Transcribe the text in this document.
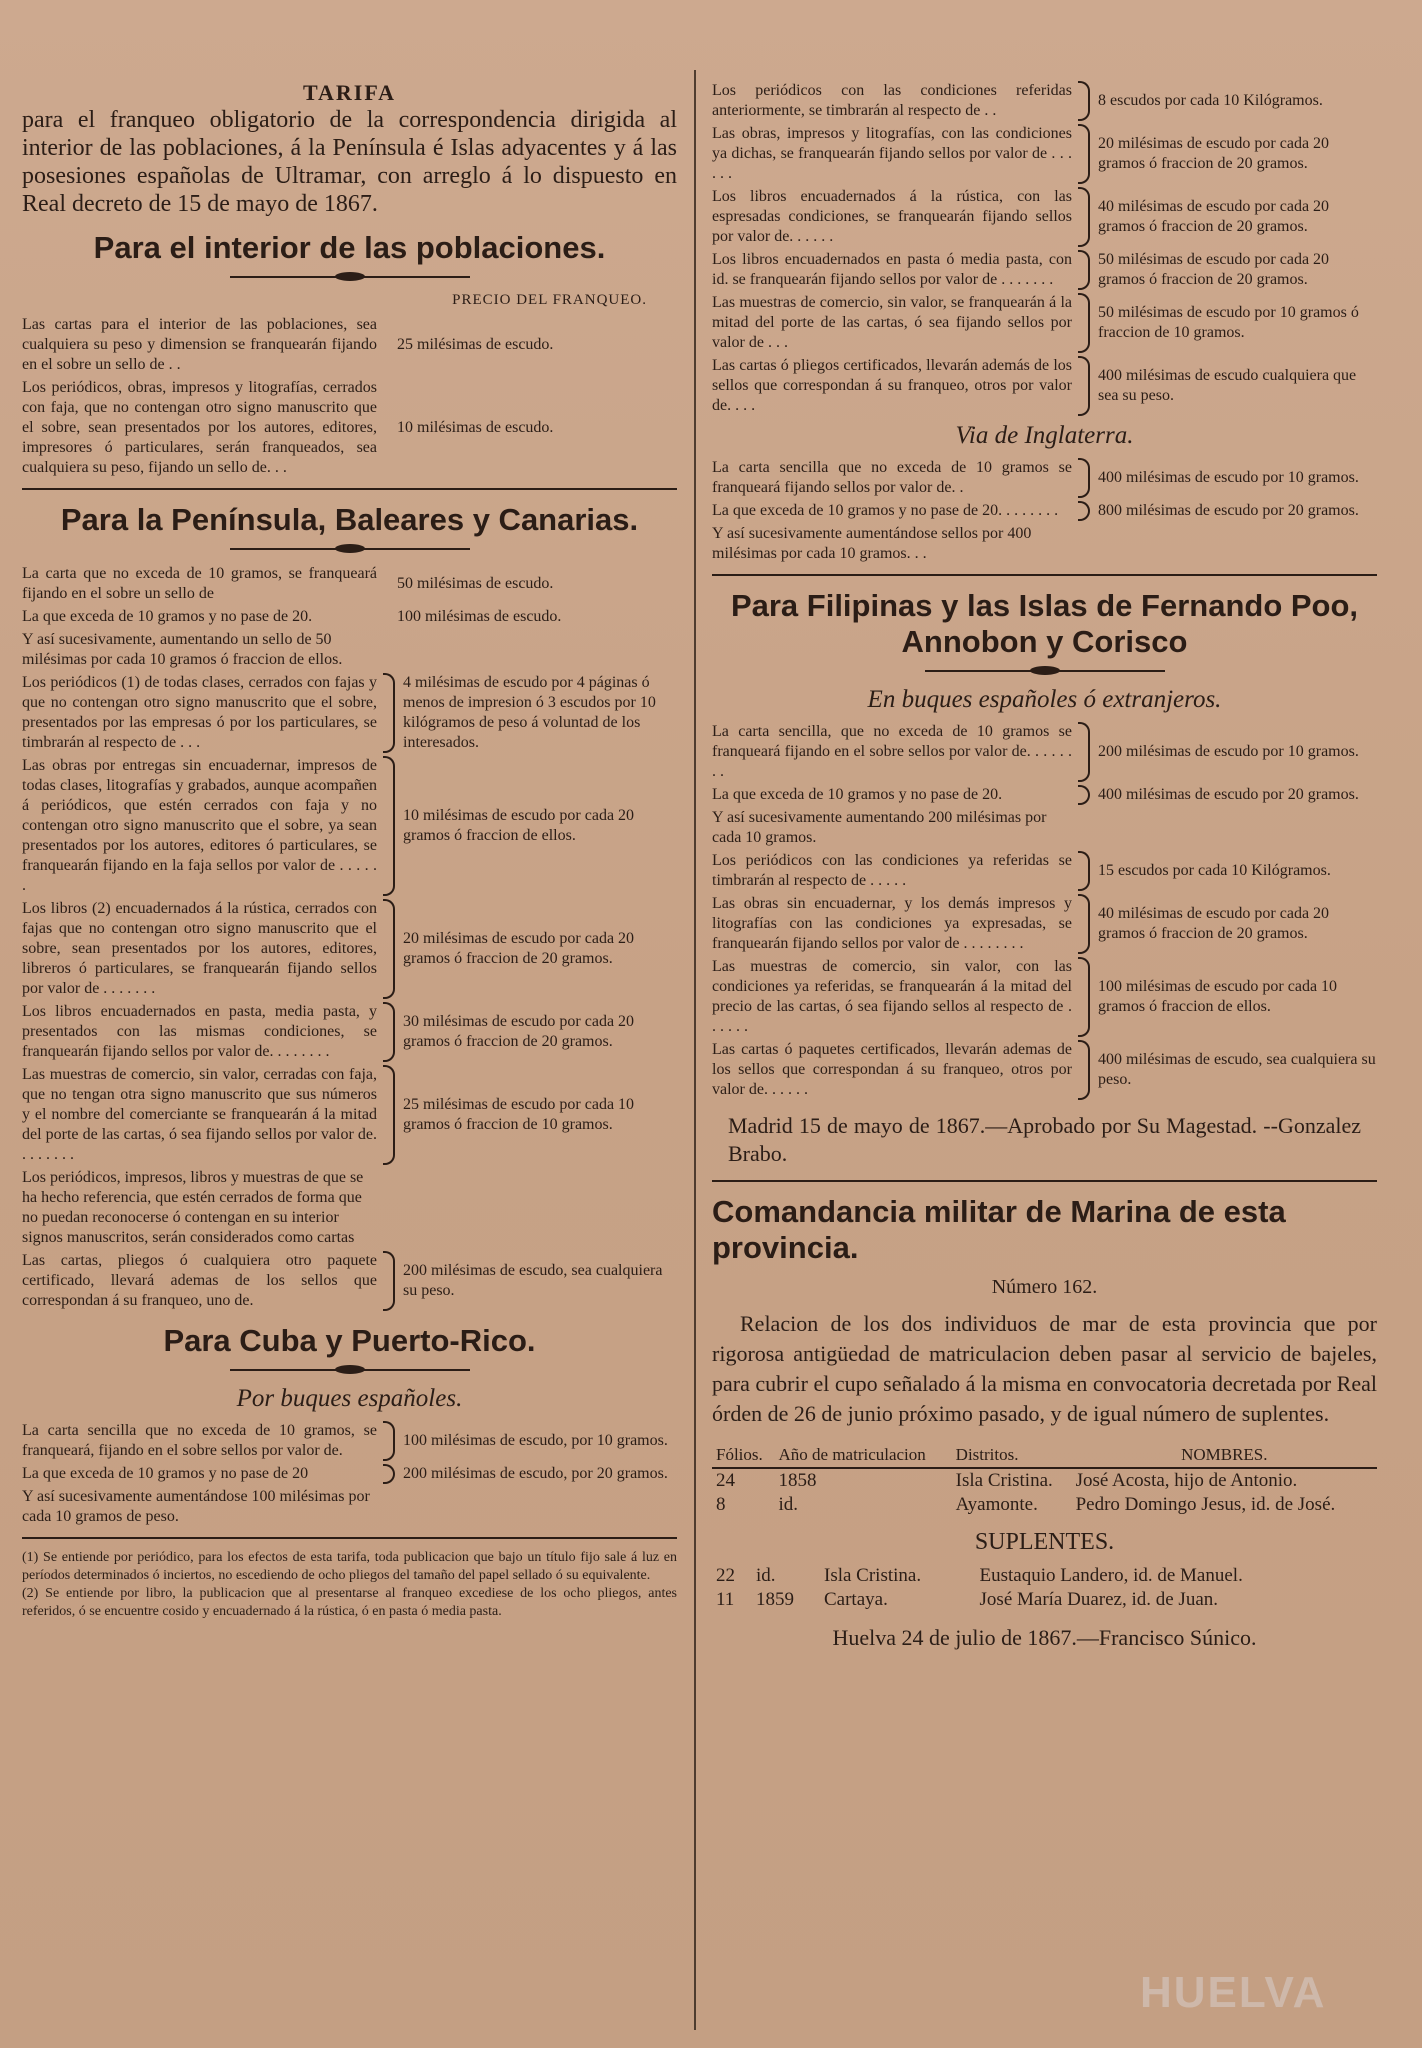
TARIFA

para el franqueo obligatorio de la correspondencia dirigida al interior de las poblaciones, á la Península é Islas adyacentes y á las posesiones españolas de Ultramar, con arreglo á lo dispuesto en Real decreto de 15 de mayo de 1867.

Para el interior de las poblaciones.
PRECIO DEL FRANQUEO.
Las cartas para el interior de las poblaciones, sea cualquiera su peso y dimension se franquearán fijando en el sobre un sello de . .
25 milésimas de escudo.
Los periódicos, obras, impresos y litografías, cerrados con faja, que no contengan otro signo manuscrito que el sobre, sean presentados por los autores, editores, impresores ó particulares, serán franqueados, sea cualquiera su peso, fijando un sello de. . .
10 milésimas de escudo.
Para la Península, Baleares y Canarias.
La carta que no exceda de 10 gramos, se franqueará fijando en el sobre un sello de
50 milésimas de escudo.
La que exceda de 10 gramos y no pase de 20.	100 milésimas de escudo.
Y así sucesivamente, aumentando un sello de 50 milésimas por cada 10 gramos ó fraccion de ellos.
Los periódicos (1) de todas clases, cerrados con fajas y que no contengan otro signo manuscrito que el sobre, presentados por las empresas ó por los particulares, se timbrarán al respecto de . . .
4 milésimas de escudo por 4 páginas ó menos de impresion ó 3 escudos por 10 kilógramos de peso á voluntad de los interesados.
Las obras por entregas sin encuadernar, impresos de todas clases, litografías y grabados, aunque acompañen á periódicos, que estén cerrados con faja y no contengan otro signo manuscrito que el sobre, ya sean presentados por los autores, editores ó particulares, se franquearán fijando en la faja sellos por valor de . . . . . .
10 milésimas de escudo por cada 20 gramos ó fraccion de ellos.
Los libros (2) encuadernados á la rústica, cerrados con fajas que no contengan otro signo manuscrito que el sobre, sean presentados por los autores, editores, libreros ó particulares, se franquearán fijando sellos por valor de . . . . . . .
20 milésimas de escudo por cada 20 gramos ó fraccion de 20 gramos.
Los libros encuadernados en pasta, media pasta, y presentados con las mismas condiciones, se franquearán fijando sellos por valor de. . . . . . . .
30 milésimas de escudo por cada 20 gramos ó fraccion de 20 gramos.
Las muestras de comercio, sin valor, cerradas con faja, que no tengan otra signo manuscrito que sus números y el nombre del comerciante se franquearán á la mitad del porte de las cartas, ó sea fijando sellos por valor de. . . . . . . .
25 milésimas de escudo por cada 10 gramos ó fraccion de 10 gramos.
Los periódicos, impresos, libros y muestras de que se ha hecho referencia, que estén cerrados de forma que no puedan reconocerse ó contengan en su interior signos manuscritos, serán considerados como cartas
Las cartas, pliegos ó cualquiera otro paquete certificado, llevará ademas de los sellos que correspondan á su franqueo, uno de.
200 milésimas de escudo, sea cualquiera su peso.
Para Cuba y Puerto-Rico.
Por buques españoles.
La carta sencilla que no exceda de 10 gramos, se franqueará, fijando en el sobre sellos por valor de.
100 milésimas de escudo, por 10 gramos.
La que exceda de 10 gramos y no pase de 20	200 milésimas de escudo, por 20 gramos.
Y así sucesivamente aumentándose 100 milésimas por cada 10 gramos de peso.
(1) Se entiende por periódico, para los efectos de esta tarifa, toda publicacion que bajo un título fijo sale á luz en períodos determinados ó inciertos, no escediendo de ocho pliegos del tamaño del papel sellado ó su equivalente.
(2) Se entiende por libro, la publicacion que al presentarse al franqueo excediese de los ocho pliegos, antes referidos, ó se encuentre cosido y encuadernado á la rústica, ó en pasta ó media pasta.
Los periódicos con las condiciones referidas anteriormente, se timbrarán al respecto de . .
8 escudos por cada 10 Kilógramos.
Las obras, impresos y litografías, con las condiciones ya dichas, se franquearán fijando sellos por valor de . . . . . .
20 milésimas de escudo por cada 20 gramos ó fraccion de 20 gramos.
Los libros encuadernados á la rústica, con las espresadas condiciones, se franquearán fijando sellos por valor de. . . . . .
40 milésimas de escudo por cada 20 gramos ó fraccion de 20 gramos.
Los libros encuadernados en pasta ó media pasta, con id. se franquearán fijando sellos por valor de . . . . . . .
50 milésimas de escudo por cada 20 gramos ó fraccion de 20 gramos.
Las muestras de comercio, sin valor, se franquearán á la mitad del porte de las cartas, ó sea fijando sellos por valor de . . .
50 milésimas de escudo por 10 gramos ó fraccion de 10 gramos.
Las cartas ó pliegos certificados, llevarán además de los sellos que correspondan á su franqueo, otros por valor de. . . .
400 milésimas de escudo cualquiera que sea su peso.
Via de Inglaterra.
La carta sencilla que no exceda de 10 gramos se franqueará fijando sellos por valor de. .
400 milésimas de escudo por 10 gramos.
La que exceda de 10 gramos y no pase de 20. . . . . . . .	800 milésimas de escudo por 20 gramos.
Y así sucesivamente aumentándose sellos por 400 milésimas por cada 10 gramos. . .
Para Filipinas y las Islas de Fernando Poo, Annobon y Corisco
En buques españoles ó extranjeros.
La carta sencilla, que no exceda de 10 gramos se franqueará fijando en el sobre sellos por valor de. . . . . . . .
200 milésimas de escudo por 10 gramos.
La que exceda de 10 gramos y no pase de 20.	400 milésimas de escudo por 20 gramos.
Y así sucesivamente aumentando 200 milésimas por cada 10 gramos.
Los periódicos con las condiciones ya referidas se timbrarán al respecto de . . . . .
15 escudos por cada 10 Kilógramos.
Las obras sin encuadernar, y los demás impresos y litografías con las condiciones ya expresadas, se franquearán fijando sellos por valor de . . . . . . . .
40 milésimas de escudo por cada 20 gramos ó fraccion de 20 gramos.
Las muestras de comercio, sin valor, con las condiciones ya referidas, se franquearán á la mitad del precio de las cartas, ó sea fijando sellos al respecto de . . . . . .
100 milésimas de escudo por cada 10 gramos ó fraccion de ellos.
Las cartas ó paquetes certificados, llevarán ademas de los sellos que correspondan á su franqueo, otros por valor de. . . . . .
400 milésimas de escudo, sea cualquiera su peso.
Madrid 15 de mayo de 1867.—Aprobado por Su Magestad. --Gonzalez Brabo.
Comandancia militar de Marina de esta provincia.
Número 162.
Relacion de los dos individuos de mar de esta provincia que por rigorosa antigüedad de matriculacion deben pasar al servicio de bajeles, para cubrir el cupo señalado á la misma en convocatoria decretada por Real órden de 26 de junio próximo pasado, y de igual número de suplentes.
Fólios.	Año de matriculacion	Distritos.	NOMBRES.
24	1858	Isla Cristina.	José Acosta, hijo de Antonio.
8	id.	Ayamonte.	Pedro Domingo Jesus, id. de José.
SUPLENTES.
22	id.	Isla Cristina.	Eustaquio Landero, id. de Manuel.
11	1859	Cartaya.	José María Duarez, id. de Juan.
Huelva 24 de julio de 1867.—Francisco Súnico.
HUELVA
